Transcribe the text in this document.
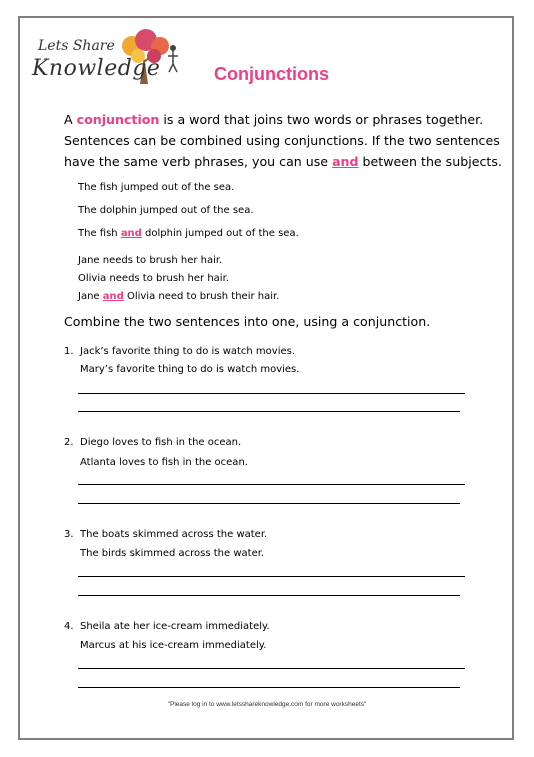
Lets Share
Knowledge	Conjunctions
A conjunction is a word that joins two words or phrases together.
Sentences can be combined using conjunctions. If the two sentences
have the same verb phrases, you can use and between the subjects.
The fish jumped out of the sea.
The dolphin jumped out of the sea.
The fish and dolphin jumped out of the sea.
Jane needs to brush her hair.
Olivia needs to brush her hair.
Jane and Olivia need to brush their hair.
Combine the two sentences into one, using a conjunction.
1. Jack’s favorite thing to do is watch movies.
Mary’s favorite thing to do is watch movies.
2. Diego loves to fish in the ocean.
Atlanta loves to fish in the ocean.
3. The boats skimmed across the water.
The birds skimmed across the water.
4. Sheila ate her ice-cream immediately.
Marcus at his ice-cream immediately.
"Please log in to www.letsshareknowledge.com for more worksheets"
